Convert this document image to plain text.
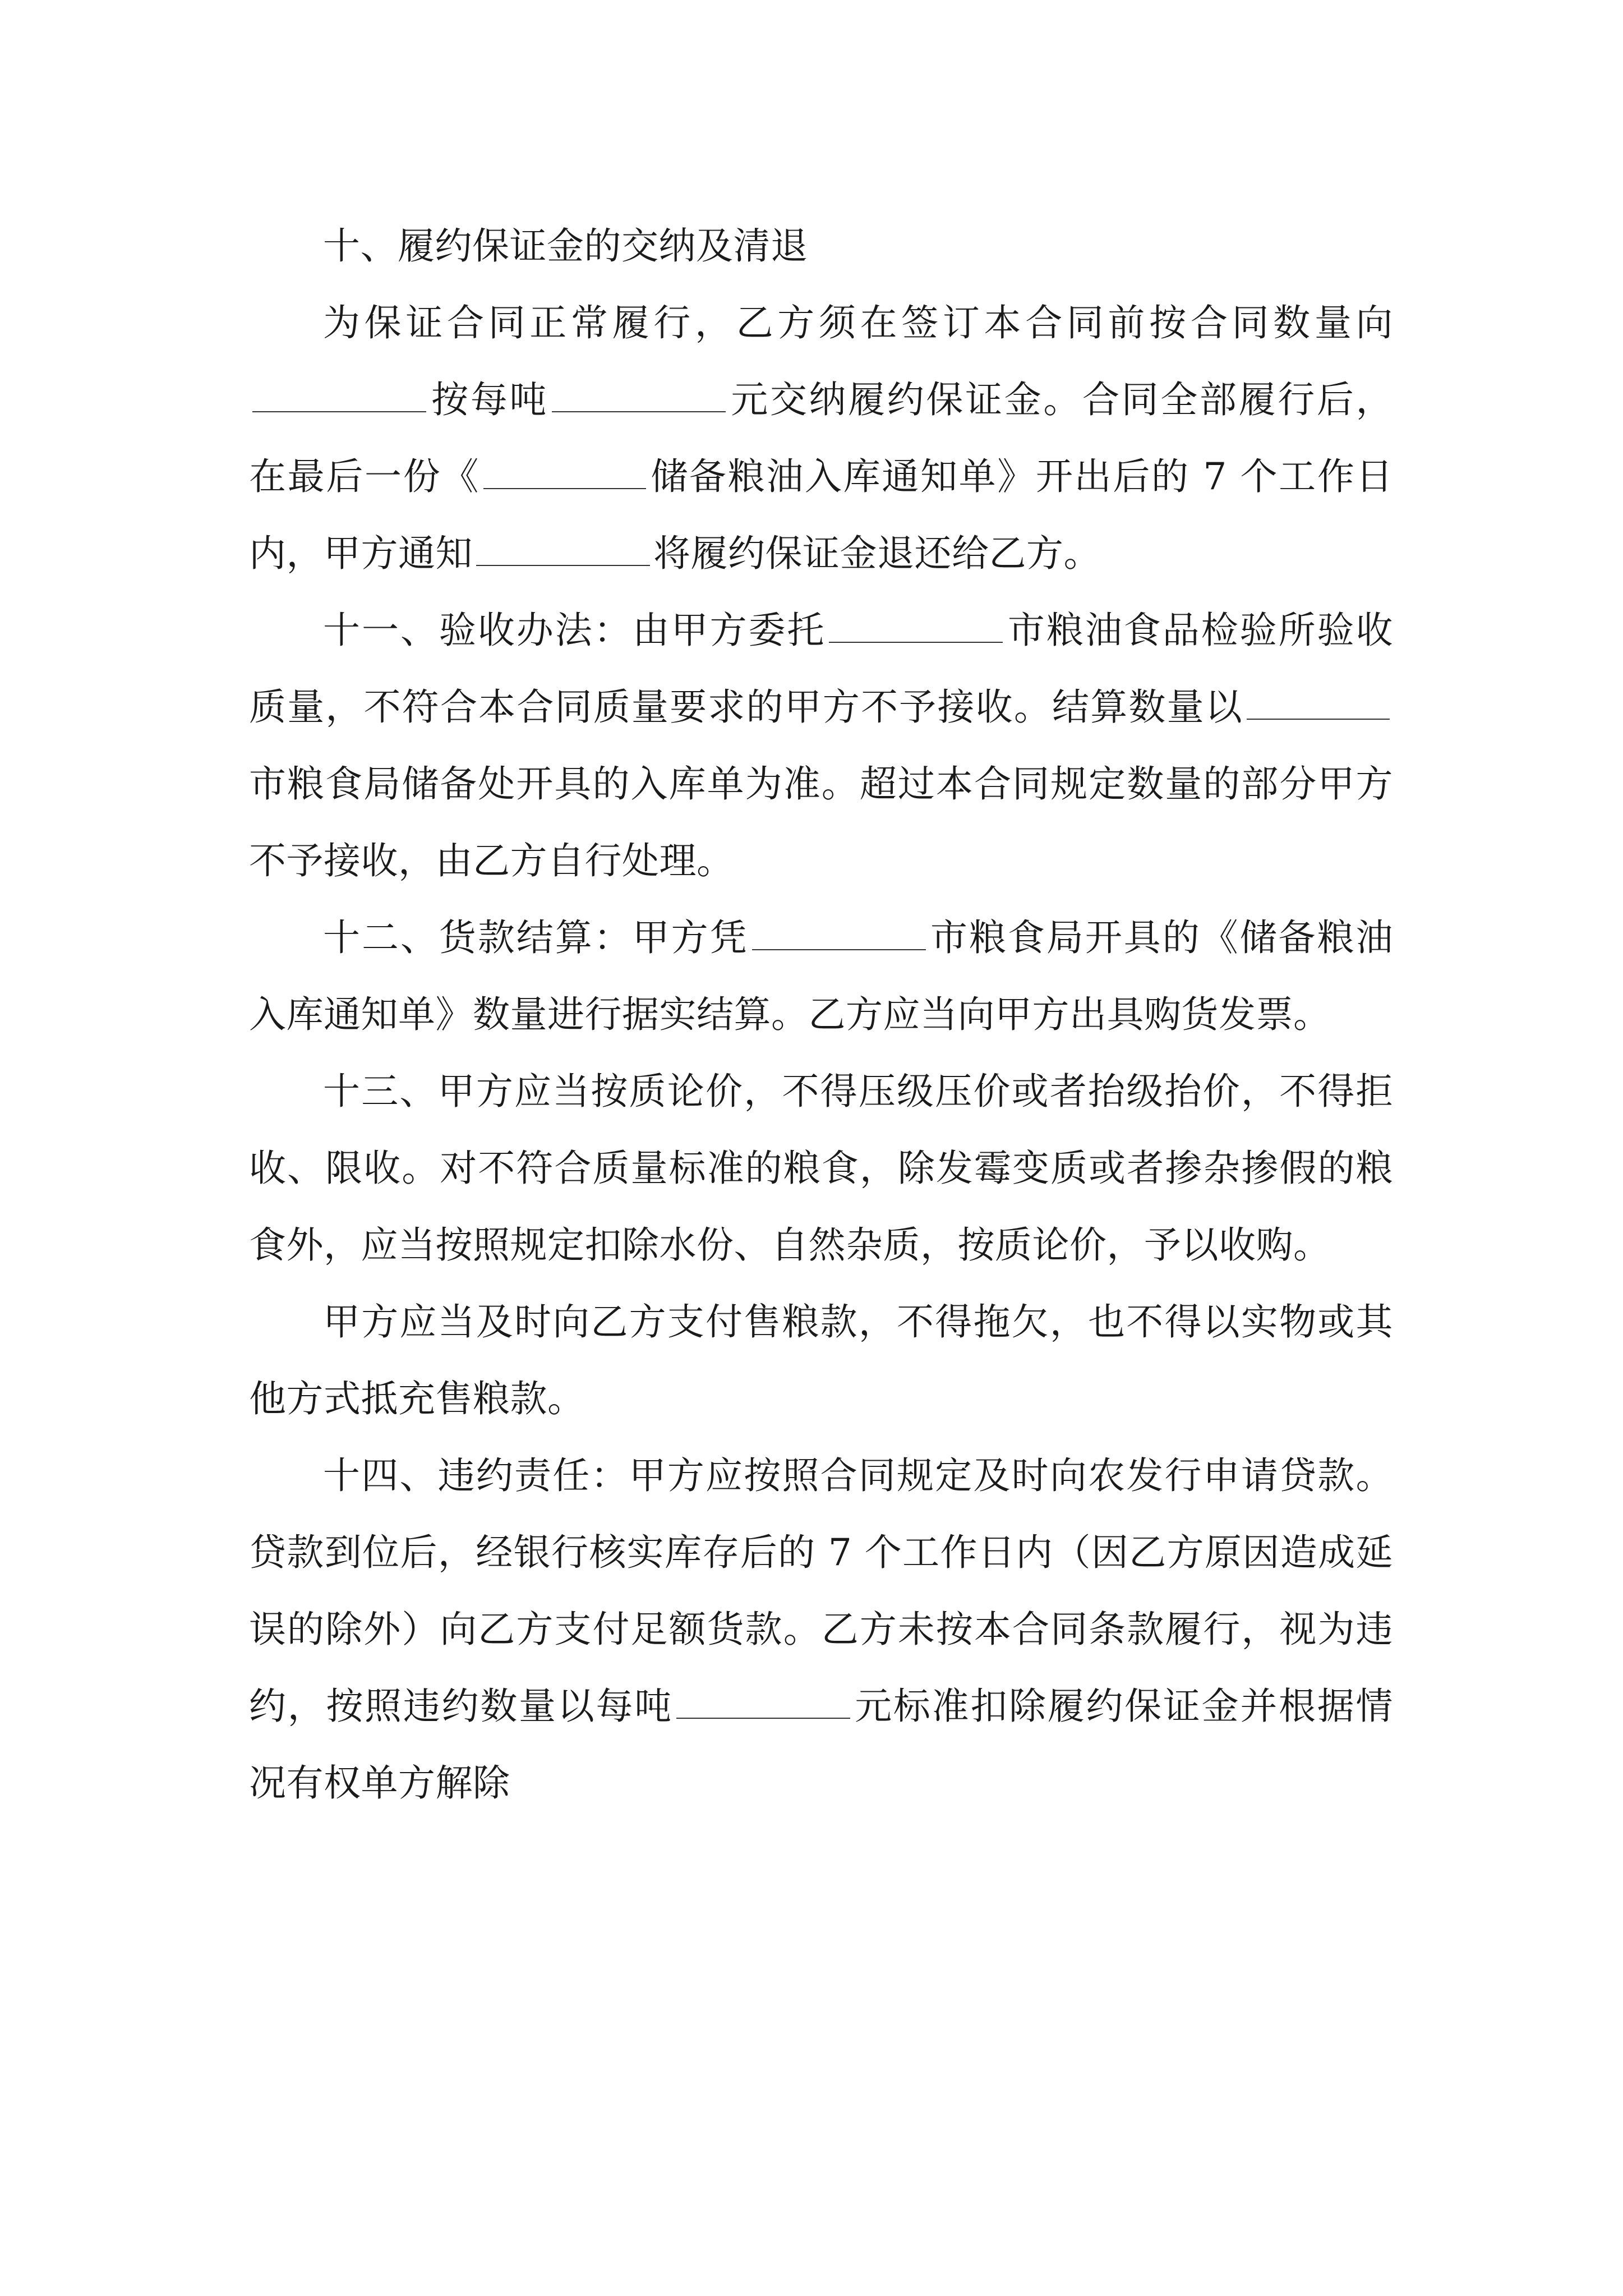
十、履约保证金的交纳及清退

为保证合同正常履行，乙方须在签订本合同前按合同数量向按每吨	元交纳履约保证金。合同全部履行后，在最后一份《	储备粮油入库通知单》开出后的 7 个工作日内，甲方通知	将履约保证金退还给乙方。

十一、验收办法：由甲方委托	市粮油食品检验所验收质量，不符合本合同质量要求的甲方不予接收。结算数量以市粮食局储备处开具的入库单为准。超过本合同规定数量的部分甲方不予接收，由乙方自行处理。

十二、货款结算：甲方凭	市粮食局开具的《储备粮油入库通知单》数量进行据实结算。乙方应当向甲方出具购货发票。

十三、甲方应当按质论价，不得压级压价或者抬级抬价，不得拒收、限收。对不符合质量标准的粮食，除发霉变质或者掺杂掺假的粮食外，应当按照规定扣除水份、自然杂质，按质论价，予以收购。

甲方应当及时向乙方支付售粮款，不得拖欠，也不得以实物或其他方式抵充售粮款。

十四、违约责任：甲方应按照合同规定及时向农发行申请贷款。贷款到位后，经银行核实库存后的 7 个工作日内（因乙方原因造成延误的除外）向乙方支付足额货款。乙方未按本合同条款履行，视为违约，按照违约数量以每吨	元标准扣除履约保证金并根据情况有权单方解除
